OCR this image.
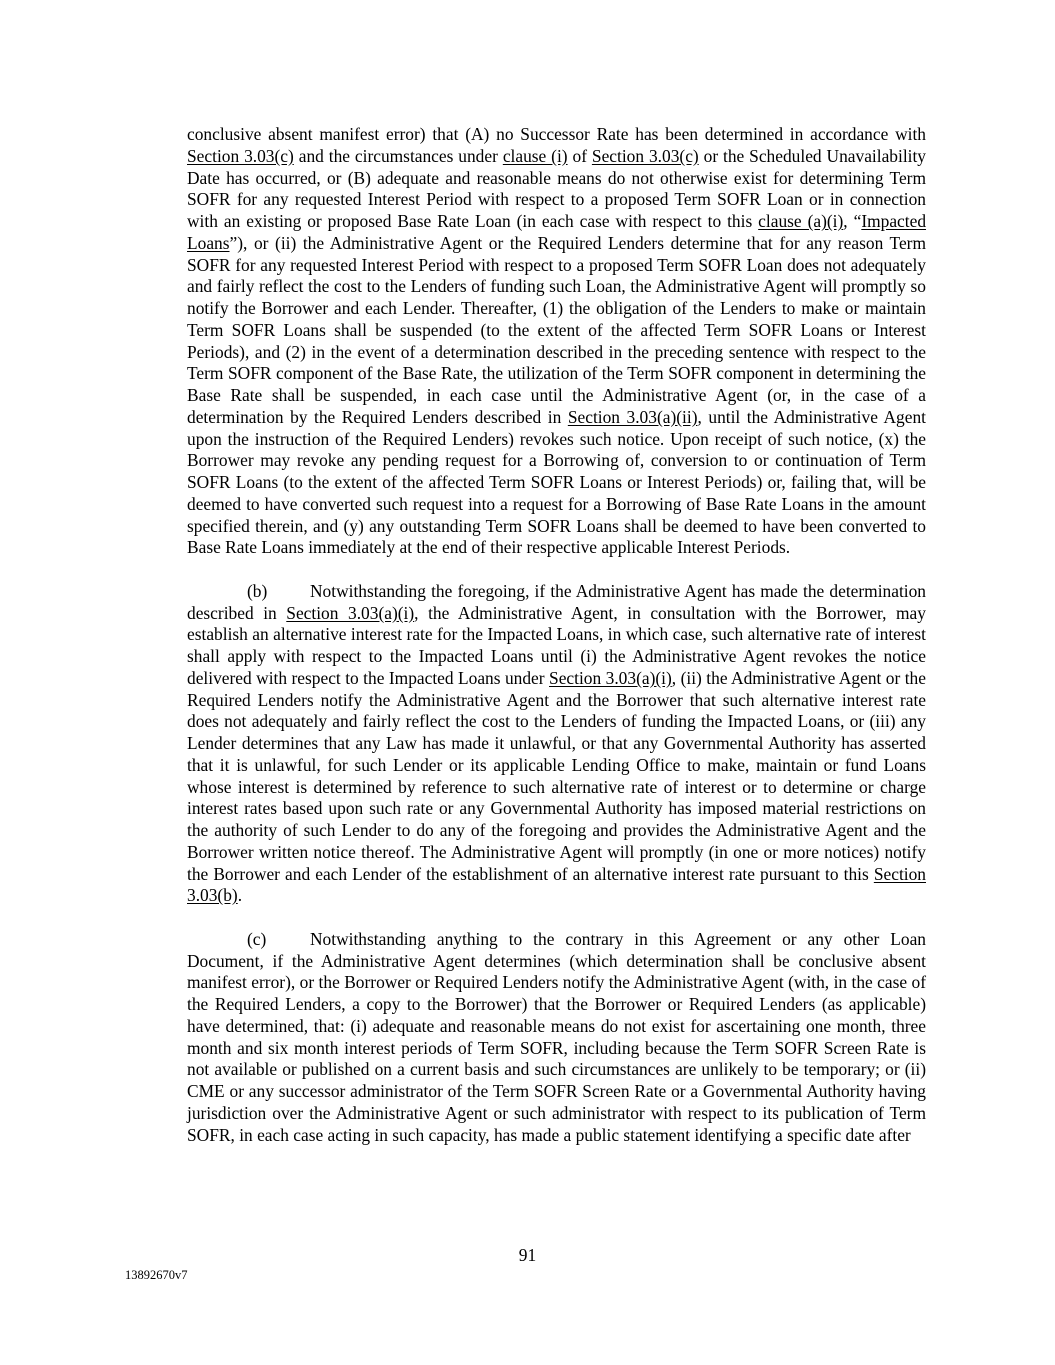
conclusive absent manifest error) that (A) no Successor Rate has been determined in accordance with Section 3.03(c) and the circumstances under clause (i) of Section 3.03(c) or the Scheduled Unavailability Date has occurred, or (B) adequate and reasonable means do not otherwise exist for determining Term SOFR for any requested Interest Period with respect to a proposed Term SOFR Loan or in connection with an existing or proposed Base Rate Loan (in each case with respect to this clause (a)(i), “Impacted Loans”), or (ii) the Administrative Agent or the Required Lenders determine that for any reason Term SOFR for any requested Interest Period with respect to a proposed Term SOFR Loan does not adequately and fairly reflect the cost to the Lenders of funding such Loan, the Administrative Agent will promptly so notify the Borrower and each Lender. Thereafter, (1) the obligation of the Lenders to make or maintain Term SOFR Loans shall be suspended (to the extent of the affected Term SOFR Loans or Interest Periods), and (2) in the event of a determination described in the preceding sentence with respect to the Term SOFR component of the Base Rate, the utilization of the Term SOFR component in determining the Base Rate shall be suspended, in each case until the Administrative Agent (or, in the case of a determination by the Required Lenders described in Section 3.03(a)(ii), until the Administrative Agent upon the instruction of the Required Lenders) revokes such notice. Upon receipt of such notice, (x) the Borrower may revoke any pending request for a Borrowing of, conversion to or continuation of Term SOFR Loans (to the extent of the affected Term SOFR Loans or Interest Periods) or, failing that, will be deemed to have converted such request into a request for a Borrowing of Base Rate Loans in the amount specified therein, and (y) any outstanding Term SOFR Loans shall be deemed to have been converted to Base Rate Loans immediately at the end of their respective applicable Interest Periods.

(b) Notwithstanding the foregoing, if the Administrative Agent has made the determination described in Section 3.03(a)(i), the Administrative Agent, in consultation with the Borrower, may establish an alternative interest rate for the Impacted Loans, in which case, such alternative rate of interest shall apply with respect to the Impacted Loans until (i) the Administrative Agent revokes the notice delivered with respect to the Impacted Loans under Section 3.03(a)(i), (ii) the Administrative Agent or the Required Lenders notify the Administrative Agent and the Borrower that such alternative interest rate does not adequately and fairly reflect the cost to the Lenders of funding the Impacted Loans, or (iii) any Lender determines that any Law has made it unlawful, or that any Governmental Authority has asserted that it is unlawful, for such Lender or its applicable Lending Office to make, maintain or fund Loans whose interest is determined by reference to such alternative rate of interest or to determine or charge interest rates based upon such rate or any Governmental Authority has imposed material restrictions on the authority of such Lender to do any of the foregoing and provides the Administrative Agent and the Borrower written notice thereof. The Administrative Agent will promptly (in one or more notices) notify the Borrower and each Lender of the establishment of an alternative interest rate pursuant to this Section 3.03(b).

(c)	Notwithstanding anything to the contrary in this Agreement or any other Loan Document, if the Administrative Agent determines (which determination shall be conclusive absent manifest error), or the Borrower or Required Lenders notify the Administrative Agent (with, in the case of the Required Lenders, a copy to the Borrower) that the Borrower or Required Lenders (as applicable) have determined, that: (i) adequate and reasonable means do not exist for ascertaining one month, three month and six month interest periods of Term SOFR, including because the Term SOFR Screen Rate is not available or published on a current basis and such circumstances are unlikely to be temporary; or (ii) CME or any successor administrator of the Term SOFR Screen Rate or a Governmental Authority having jurisdiction over the Administrative Agent or such administrator with respect to its publication of Term SOFR, in each case acting in such capacity, has made a public statement identifying a specific date after

91
13892670v7
